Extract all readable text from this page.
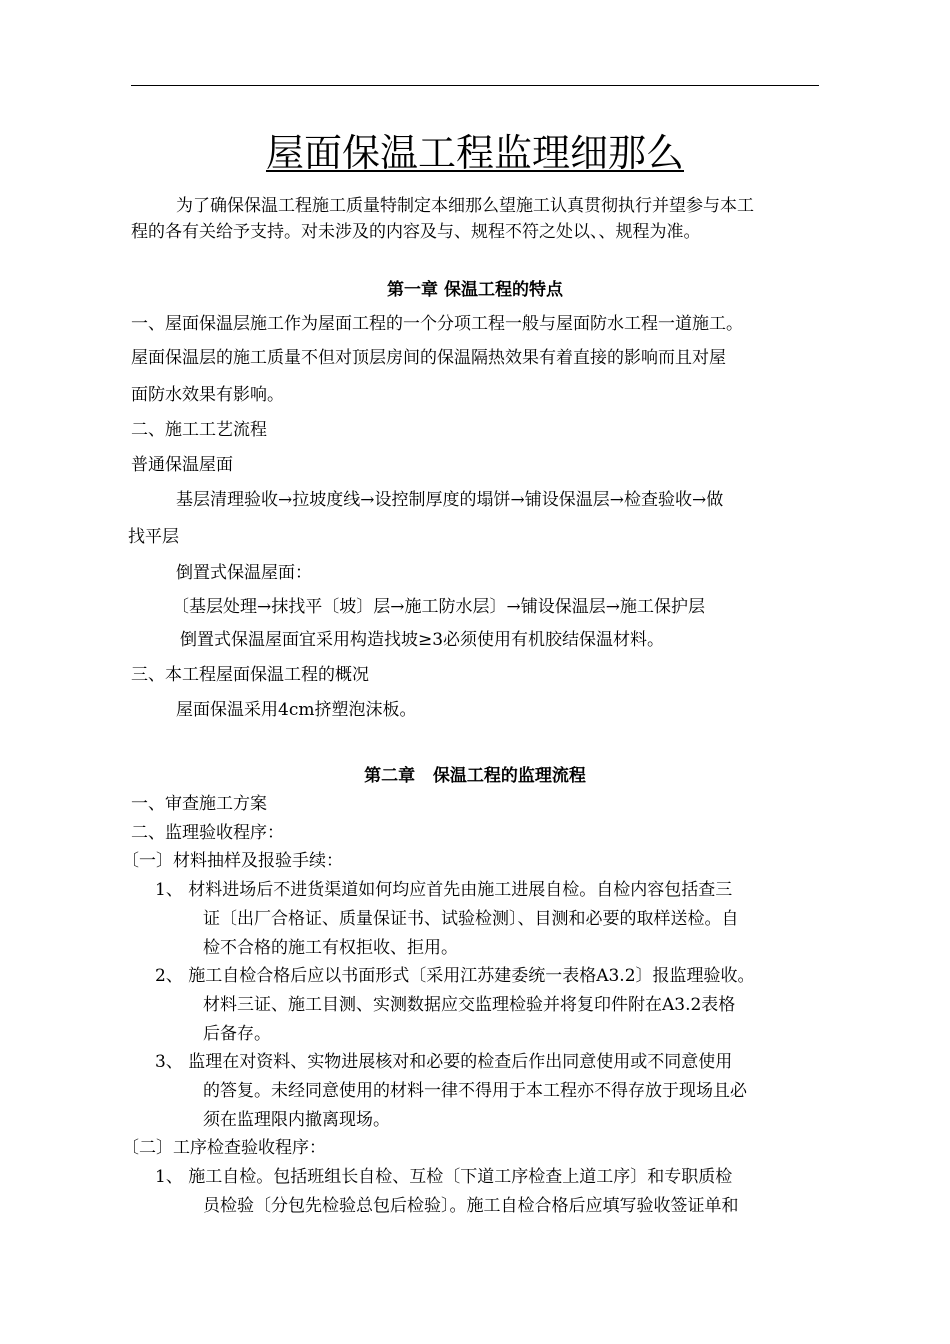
屋面保温工程监理细那么
为了确保保温工程施工质量特制定本细那么望施工认真贯彻执行并望参与本工
程的各有关给予支持。对未涉及的内容及与、规程不符之处以、、规程为准。
第一章 保温工程的特点
一、屋面保温层施工作为屋面工程的一个分项工程一般与屋面防水工程一道施工。
屋面保温层的施工质量不但对顶层房间的保温隔热效果有着直接的影响而且对屋
面防水效果有影响。
二、施工工艺流程
普通保温屋面
基层清理验收→拉坡度线→设控制厚度的塌饼→铺设保温层→检查验收→做
找平层
倒置式保温屋面：
〔基层处理→抹找平〔坡〕层→施工防水层〕→铺设保温层→施工保护层
倒置式保温屋面宜采用构造找坡≥3必须使用有机胶结保温材料。
三、本工程屋面保温工程的概况
屋面保温采用4cm挤塑泡沫板。
第二章   保温工程的监理流程
一、审查施工方案
二、监理验收程序：
〔一〕材料抽样及报验手续：
1、 材料进场后不进货渠道如何均应首先由施工进展自检。自检内容包括查三
证〔出厂合格证、质量保证书、试验检测〕、目测和必要的取样送检。自
检不合格的施工有权拒收、拒用。
2、 施工自检合格后应以书面形式〔采用江苏建委统一表格A3.2〕报监理验收。
材料三证、施工目测、实测数据应交监理检验并将复印件附在A3.2表格
后备存。
3、 监理在对资料、实物进展核对和必要的检查后作出同意使用或不同意使用
的答复。未经同意使用的材料一律不得用于本工程亦不得存放于现场且必
须在监理限内撤离现场。
〔二〕工序检查验收程序：
1、 施工自检。包括班组长自检、互检〔下道工序检查上道工序〕和专职质检
员检验〔分包先检验总包后检验〕。施工自检合格后应填写验收签证单和
